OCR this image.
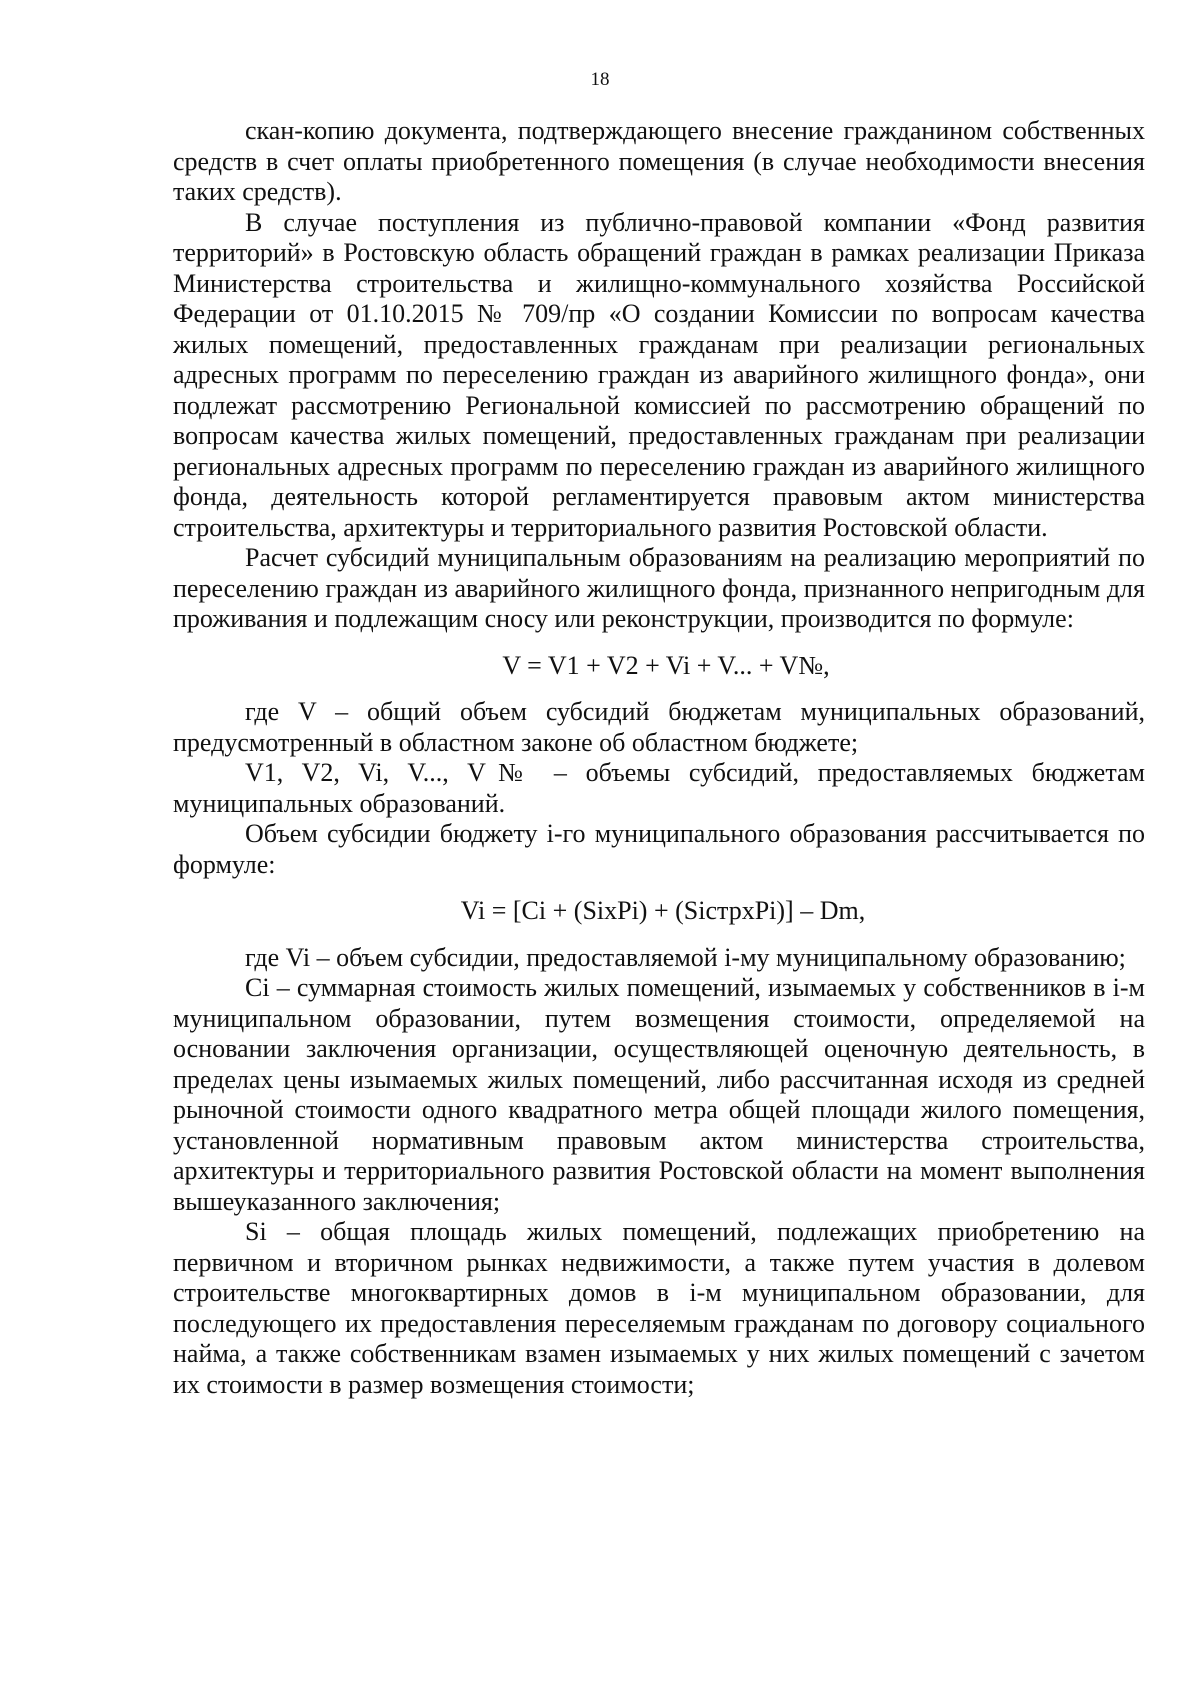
18

скан-копию документа, подтверждающего внесение гражданином собственных средств в счет оплаты приобретенного помещения (в случае необходимости внесения таких средств).

В случае поступления из публично-правовой компании «Фонд развития территорий» в Ростовскую область обращений граждан в рамках реализации Приказа Министерства строительства и жилищно-коммунального хозяйства Российской Федерации от 01.10.2015 № 709/пр «О создании Комиссии по вопросам качества жилых помещений, предоставленных гражданам при реализации региональных адресных программ по переселению граждан из аварийного жилищного фонда», они подлежат рассмотрению Региональной комиссией по рассмотрению обращений по вопросам качества жилых помещений, предоставленных гражданам при реализации региональных адресных программ по переселению граждан из аварийного жилищного фонда, деятельность которой регламентируется правовым актом министерства строительства, архитектуры и территориального развития Ростовской области.

Расчет субсидий муниципальным образованиям на реализацию мероприятий по переселению граждан из аварийного жилищного фонда, признанного непригодным для проживания и подлежащим сносу или реконструкции, производится по формуле:

V = V1 + V2 + Vi + V... + V№,

где V – общий объем субсидий бюджетам муниципальных образований, предусмотренный в областном законе об областном бюджете;

V1, V2, Vi, V..., V№ – объемы субсидий, предоставляемых бюджетам муниципальных образований.

Объем субсидии бюджету i-го муниципального образования рассчитывается по формуле:

Vi = [Ci + (SixPi) + (SiстрxPi)] – Dm,

где Vi – объем субсидии, предоставляемой i-му муниципальному образованию;

Ci – суммарная стоимость жилых помещений, изымаемых у собственников в i-м муниципальном образовании, путем возмещения стоимости, определяемой на основании заключения организации, осуществляющей оценочную деятельность, в пределах цены изымаемых жилых помещений, либо рассчитанная исходя из средней рыночной стоимости одного квадратного метра общей площади жилого помещения, установленной нормативным правовым актом министерства строительства, архитектуры и территориального развития Ростовской области на момент выполнения вышеуказанного заключения;

Si – общая площадь жилых помещений, подлежащих приобретению на первичном и вторичном рынках недвижимости, а также путем участия в долевом строительстве многоквартирных домов в i-м муниципальном образовании, для последующего их предоставления переселяемым гражданам по договору социального найма, а также собственникам взамен изымаемых у них жилых помещений с зачетом их стоимости в размер возмещения стоимости;
